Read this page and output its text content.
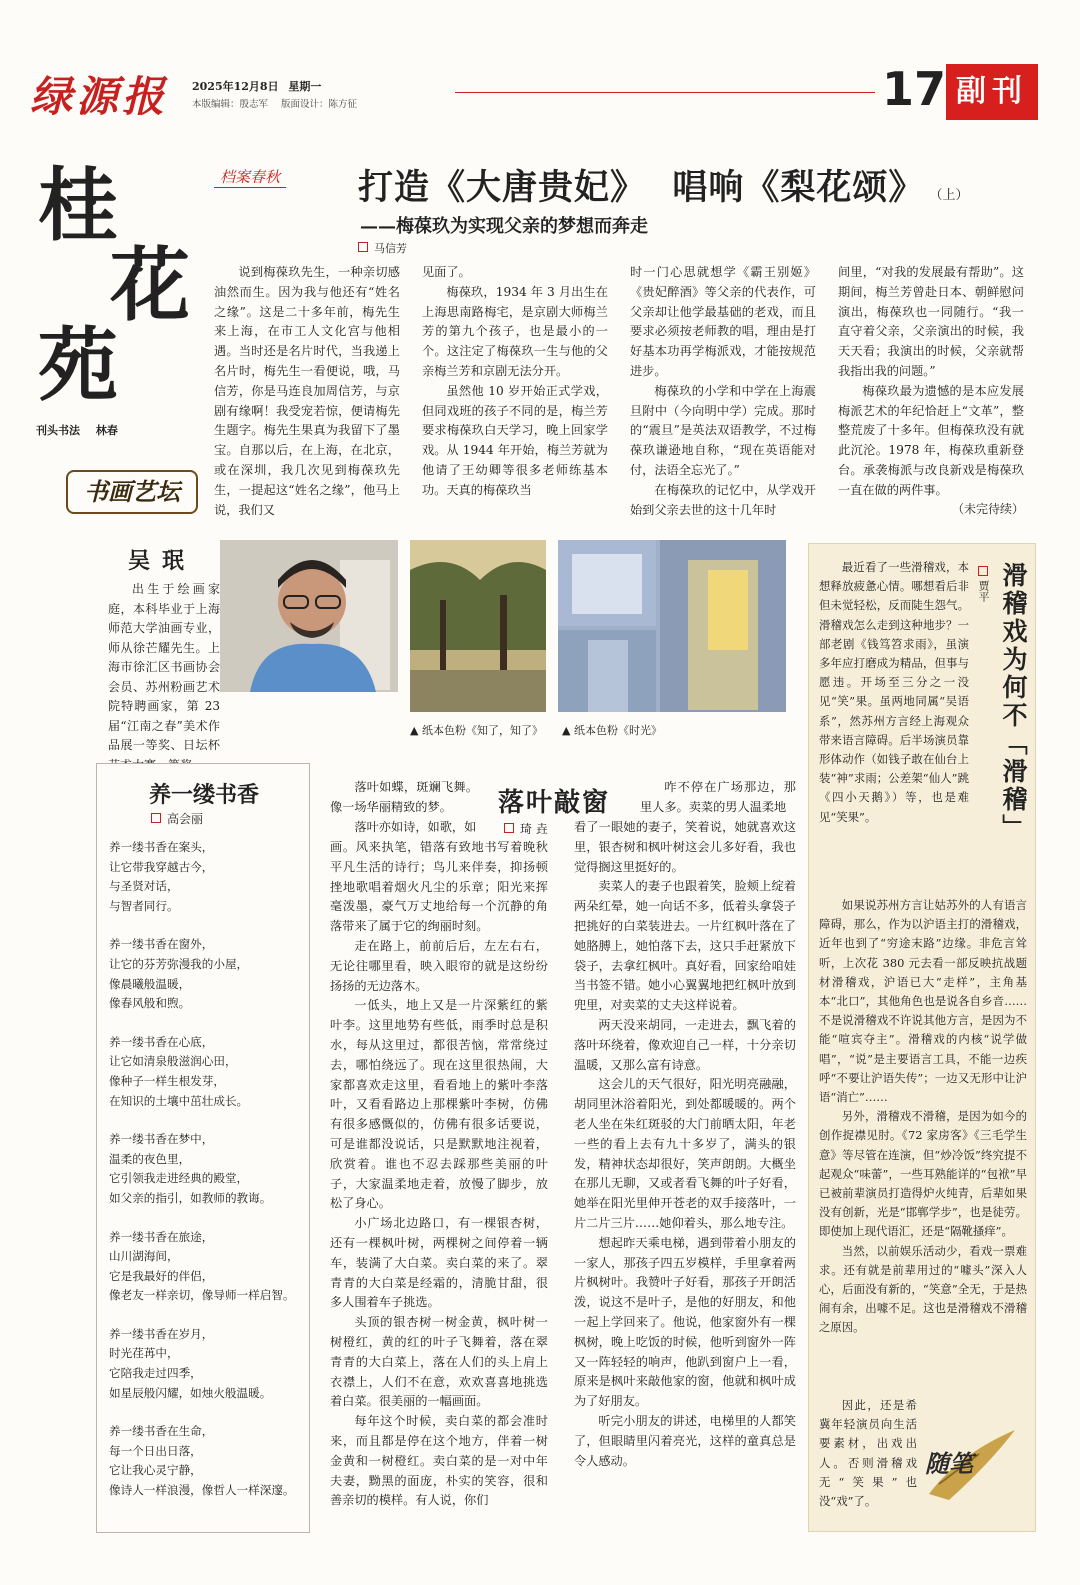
绿源报 2025年12月8日 星期一
本版编辑：殷志军 版面设计：陈方征	17 副刊
桂
花
苑
刊头书法 林春
档案春秋 打造《大唐贵妃》  唱响《梨花颂》 （上）
——梅葆玖为实现父亲的梦想而奔走
马信芳

说到梅葆玖先生，一种亲切感油然而生。因为我与他还有“姓名之缘”。这是二十多年前，梅先生来上海，在市工人文化宫与他相遇。当时还是名片时代，当我递上名片时，梅先生一看便说，哦，马信芳，你是马连良加周信芳，与京剧有缘啊！我受宠若惊，便请梅先生题字。梅先生果真为我留下了墨宝。自那以后，在上海，在北京，或在深圳，我几次见到梅葆玖先生，一提起这“姓名之缘”，他马上说，我们又

见面了。

梅葆玖，1934 年 3 月出生在上海思南路梅宅，是京剧大师梅兰芳的第九个孩子，也是最小的一个。这注定了梅葆玖一生与他的父亲梅兰芳和京剧无法分开。

虽然他 10 岁开始正式学戏，但同戏班的孩子不同的是，梅兰芳要求梅葆玖白天学习，晚上回家学戏。从 1944 年开始，梅兰芳就为他请了王幼卿等很多老师练基本功。天真的梅葆玖当

时一门心思就想学《霸王别姬》《贵妃醉酒》等父亲的代表作，可父亲却让他学最基础的老戏，而且要求必须按老师教的唱，理由是打好基本功再学梅派戏，才能按规范进步。

梅葆玖的小学和中学在上海震旦附中（今向明中学）完成。那时的“震旦”是英法双语教学，不过梅葆玖谦逊地自称，“现在英语能对付，法语全忘光了。”

在梅葆玖的记忆中，从学戏开始到父亲去世的这十几年时

间里，“对我的发展最有帮助”。这期间，梅兰芳曾赴日本、朝鲜慰问演出，梅葆玖也一同随行。“我一直守着父亲，父亲演出的时候，我天天看；我演出的时候，父亲就帮我指出我的问题。”

梅葆玖最为遗憾的是本应发展梅派艺术的年纪恰赶上“文革”，整整荒废了十多年。但梅葆玖没有就此沉沦。1978 年，梅葆玖重新登台。承袭梅派与改良新戏是梅葆玖一直在做的两件事。

（未完待续）
书画艺坛
吴珉

出生于绘画家庭，本科毕业于上海师范大学油画专业，师从徐芒耀先生。上海市徐汇区书画协会会员、苏州粉画艺术院特聘画家，第 23 届“江南之春”美术作品展一等奖、日坛杯

▲ 纸本色粉《知了，知了》 ▲ 纸本色粉《时光》
养一缕书香
高会丽

养一缕书香在案头，

让它带我穿越古今，

与圣贤对话，

与智者同行。

养一缕书香在窗外，

让它的芬芳弥漫我的小屋，

像晨曦般温暖，

像春风般和煦。

养一缕书香在心底，

让它如清泉般滋润心田，

像种子一样生根发芽，

在知识的土壤中茁壮成长。

养一缕书香在梦中，

温柔的夜色里，

它引领我走进经典的殿堂，

如父亲的指引，如教师的教诲。

养一缕书香在旅途，

山川湖海间，

它是我最好的伴侣，

像老友一样亲切，像导师一样启智。

养一缕书香在岁月，

时光荏苒中，

它陪我走过四季，

如星辰般闪耀，如烛火般温暖。

养一缕书香在生命，

每一个日出日落，

它让我心灵宁静，

像诗人一样浪漫，像哲人一样深邃。

落叶如蝶，斑斓飞舞。像一场华丽精致的梦。

落叶亦如诗，如歌，如

落叶敲窗
琦 垚

咋不停在广场那边，那里人多。卖菜的男人温柔地

画。风来执笔，错落有致地书写着晚秋平凡生活的诗行；鸟儿来伴奏，抑扬顿挫地歌唱着烟火凡尘的乐章；阳光来挥毫泼墨，豪气万丈地给每一个沉静的角落带来了属于它的绚丽时刻。

走在路上，前前后后，左左右右，无论往哪里看，映入眼帘的就是这纷纷扬扬的无边落木。

一低头，地上又是一片深紫红的紫叶李。这里地势有些低，雨季时总是积水，每从这里过，都很苦恼，常常绕过去，哪怕绕远了。现在这里很热闹，大家都喜欢走这里，看看地上的紫叶李落叶，又看看路边上那棵紫叶李树，仿佛有很多感慨似的，仿佛有很多话要说，可是谁都没说话，只是默默地注视着，欣赏着。谁也不忍去踩那些美丽的叶子，大家温柔地走着，放慢了脚步，放松了身心。

小广场北边路口，有一棵银杏树，还有一棵枫叶树，两棵树之间停着一辆车，装满了大白菜。卖白菜的来了。翠青青的大白菜是经霜的，清脆甘甜，很多人围着车子挑选。

头顶的银杏树一树金黄，枫叶树一树橙红，黄的红的叶子飞舞着，落在翠青青的大白菜上，落在人们的头上肩上衣襟上，人们不在意，欢欢喜喜地挑选着白菜。很美丽的一幅画面。

每年这个时候，卖白菜的都会准时来，而且都是停在这个地方，伴着一树金黄和一树橙红。卖白菜的是一对中年夫妻，黝黑的面庞，朴实的笑容，很和善亲切的模样。有人说，你们

看了一眼她的妻子，笑着说，她就喜欢这里，银杏树和枫叶树这会儿多好看，我也觉得搁这里挺好的。

卖菜人的妻子也跟着笑，脸颊上绽着两朵红晕，她一向话不多，低着头拿袋子把挑好的白菜装进去。一片红枫叶落在了她胳膊上，她怕落下去，这只手赶紧放下袋子，去拿红枫叶。真好看，回家给咱娃当书签不错。她小心翼翼地把红枫叶放到兜里，对卖菜的丈夫这样说着。

两天没来胡同，一走进去，飘飞着的落叶环绕着，像欢迎自己一样，十分亲切温暖，又那么富有诗意。

这会儿的天气很好，阳光明亮融融，胡同里沐浴着阳光，到处都暖暖的。两个老人坐在朱红斑驳的大门前晒太阳，年老一些的看上去有九十多岁了，满头的银发，精神状态却很好，笑声朗朗。大概坐在那儿无聊，又或者看飞舞的叶子好看，她举在阳光里伸开苍老的双手接落叶，一片二片三片……她仰着头，那么地专注。

想起昨天乘电梯，遇到带着小朋友的一家人，那孩子四五岁模样，手里拿着两片枫树叶。我赞叶子好看，那孩子开朗活泼，说这不是叶子，是他的好朋友，和他一起上学回来了。他说，他家窗外有一棵枫树，晚上吃饭的时候，他听到窗外一阵又一阵轻轻的响声，他趴到窗户上一看，原来是枫叶来敲他家的窗，他就和枫叶成为了好朋友。

听完小朋友的讲述，电梯里的人都笑了，但眼睛里闪着亮光，这样的童真总是令人感动。

滑稽戏为何不「滑稽」
贾平

最近看了一些滑稽戏，本想释放疲惫心情。哪想看后非但未觉轻松，反而陡生怨气。滑稽戏怎么走到这种地步？一部老剧《钱笃笤求雨》，虽演多年应打磨成为精品，但事与愿违。开场至三分之一没见“笑”果。虽两地同属“吴语系”，然苏州方言经上海观众带来语言障碍。后半场演员靠形体动作（如钱子敢在仙台上装“神”求雨；公差架“仙人”跳《四小天鹅》）等，也是难见“笑果”。

如果说苏州方言让姑苏外的人有语言障碍，那么，作为以沪语主打的滑稽戏，近年也到了“穷途末路”边缘。非危言耸听，上次花 380 元去看一部反映抗战题材滑稽戏，沪语已大“走样”，主角基本“北口”，其他角色也是说各自乡音……不是说滑稽戏不许说其他方言，是因为不能“喧宾夺主”。滑稽戏的内核“说学做唱”，“说”是主要语言工具，不能一边疾呼“不要让沪语失传”；一边又无形中让沪语“消亡”……

另外，滑稽戏不滑稽，是因为如今的创作捉襟见肘。《72 家房客》《三毛学生意》等尽管在连演，但“炒冷饭”终究提不起观众“味蕾”，一些耳熟能详的“包袱”早已被前辈演员打造得炉火纯青，后辈如果没有创新，光是“邯郸学步”，也是徒劳。即使加上现代语汇，还是“隔靴搔痒”。

当然，以前娱乐活动少，看戏一票难求。还有就是前辈用过的“噱头”深入人心，后面没有新的，“笑意”全无，于是热闹有余，出噱不足。这也是滑稽戏不滑稽之原因。

因此，还是希冀年轻演员向生活要素材，出戏出人。否则滑稽戏无“笑果”也没“戏”了。

随笔
